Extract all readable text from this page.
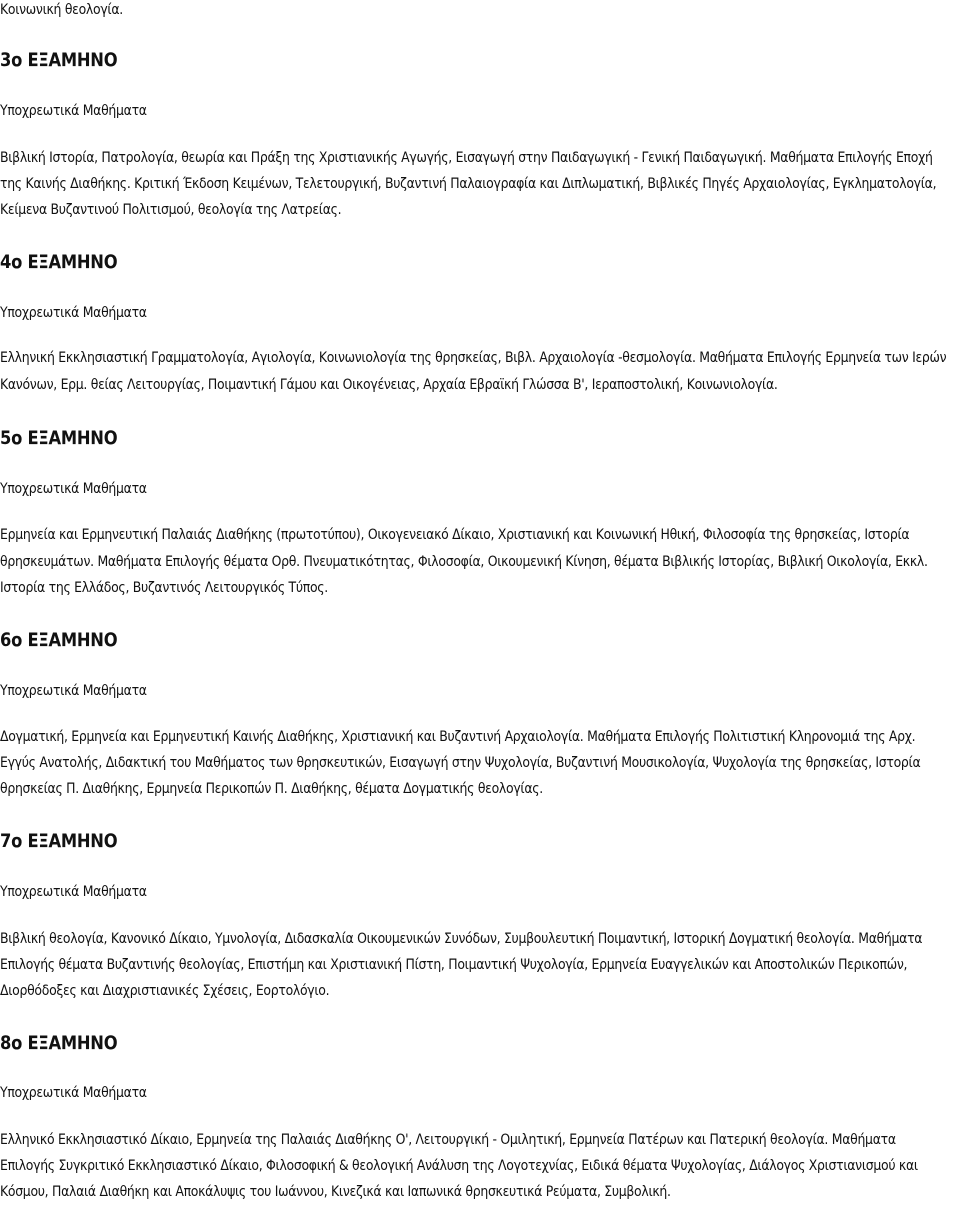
Κοινωνική θεολογία.
3ο ΕΞΑΜΗΝΟ
Υποχρεωτικά Μαθήματα
Βιβλική Ιστορία, Πατρολογία, θεωρία και Πράξη της Χριστιανικής Αγωγής, Εισαγωγή στην Παιδαγωγική - Γενική Παιδαγωγική. Μαθήματα Επιλογής Εποχή
της Καινής Διαθήκης. Κριτική Έκδοση Κειμένων, Τελετουργική, Βυζαντινή Παλαιογραφία και Διπλωματική, Βιβλικές Πηγές Αρχαιολογίας, Εγκληματολογία,
Κείμενα Βυζαντινού Πολιτισμού, θεολογία της Λατρείας.
4ο ΕΞΑΜΗΝΟ
Υποχρεωτικά Μαθήματα
Ελληνική Εκκλησιαστική Γραμματολογία, Αγιολογία, Κοινωνιολογία της θρησκείας, Βιβλ. Αρχαιολογία -θεσμολογία. Μαθήματα Επιλογής Ερμηνεία των Ιερών
Κανόνων, Ερμ. θείας Λειτουργίας, Ποιμαντική Γάμου και Οικογένειας, Αρχαία Εβραϊκή Γλώσσα Β', Ιεραποστολική, Κοινωνιολογία.
5ο ΕΞΑΜΗΝΟ
Υποχρεωτικά Μαθήματα
Ερμηνεία και Ερμηνευτική Παλαιάς Διαθήκης (πρωτοτύπου), Οικογενειακό Δίκαιο, Χριστιανική και Κοινωνική Ηθική, Φιλοσοφία της θρησκείας, Ιστορία
θρησκευμάτων. Μαθήματα Επιλογής θέματα Ορθ. Πνευματικότητας, Φιλοσοφία, Οικουμενική Κίνηση, θέματα Βιβλικής Ιστορίας, Βιβλική Οικολογία, Εκκλ.
Ιστορία της Ελλάδος, Βυζαντινός Λειτουργικός Τύπος.
6ο ΕΞΑΜΗΝΟ
Υποχρεωτικά Μαθήματα
Δογματική, Ερμηνεία και Ερμηνευτική Καινής Διαθήκης, Χριστιανική και Βυζαντινή Αρχαιολογία. Μαθήματα Επιλογής Πολιτιστική Κληρονομιά της Αρχ.
Εγγύς Ανατολής, Διδακτική του Μαθήματος των θρησκευτικών, Εισαγωγή στην Ψυχολογία, Βυζαντινή Μουσικολογία, Ψυχολογία της θρησκείας, Ιστορία
θρησκείας Π. Διαθήκης, Ερμηνεία Περικοπών Π. Διαθήκης, θέματα Δογματικής θεολογίας.
7ο ΕΞΑΜΗΝΟ
Υποχρεωτικά Μαθήματα
Βιβλική θεολογία, Κανονικό Δίκαιο, Υμνολογία, Διδασκαλία Οικουμενικών Συνόδων, Συμβουλευτική Ποιμαντική, Ιστορική Δογματική θεολογία. Μαθήματα
Επιλογής θέματα Βυζαντινής θεολογίας, Επιστήμη και Χριστιανική Πίστη, Ποιμαντική Ψυχολογία, Ερμηνεία Ευαγγελικών και Αποστολικών Περικοπών,
Διορθόδοξες και Διαχριστιανικές Σχέσεις, Εορτολόγιο.
8ο ΕΞΑΜΗΝΟ
Υποχρεωτικά Μαθήματα
Ελληνικό Εκκλησιαστικό Δίκαιο, Ερμηνεία της Παλαιάς Διαθήκης Ο', Λειτουργική - Ομιλητική, Ερμηνεία Πατέρων και Πατερική θεολογία. Μαθήματα
Επιλογής Συγκριτικό Εκκλησιαστικό Δίκαιο, Φιλοσοφική & θεολογική Ανάλυση της Λογοτεχνίας, Ειδικά θέματα Ψυχολογίας, Διάλογος Χριστιανισμού και
Κόσμου, Παλαιά Διαθήκη και Αποκάλυψις του Ιωάννου, Κινεζικά και Ιαπωνικά θρησκευτικά Ρεύματα, Συμβολική.
